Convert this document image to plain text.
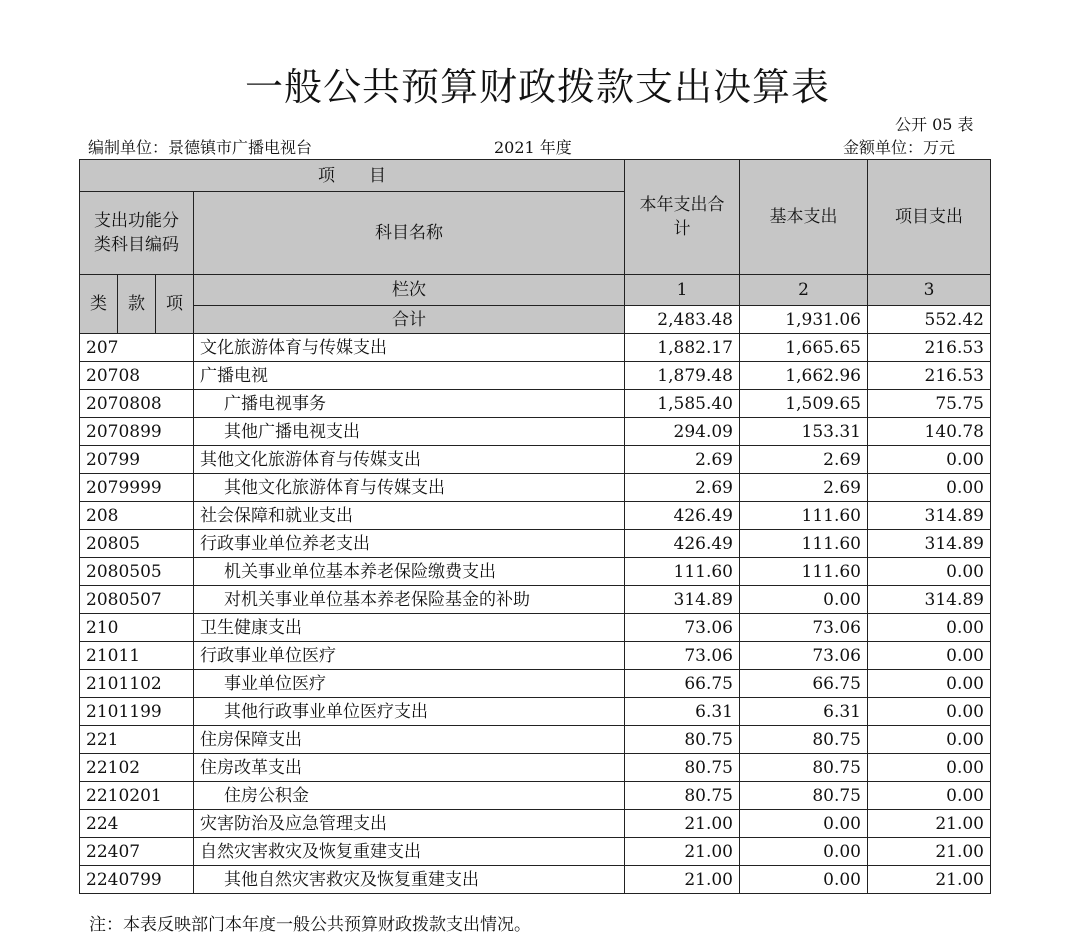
一般公共预算财政拨款支出决算表
公开 05 表
编制单位：景德镇市广播电视台	2021 年度	金额单位：万元
项　　目				本年支出合计	基本支出	项目支出
支出功能分类科目编码			科目名称			
类	款	项	栏次	1	2	3
			合计	2,483.48	1,931.06	552.42
207			文化旅游体育与传媒支出	1,882.17	1,665.65	216.53
20708			广播电视	1,879.48	1,662.96	216.53
2070808			广播电视事务	1,585.40	1,509.65	75.75
2070899			其他广播电视支出	294.09	153.31	140.78
20799			其他文化旅游体育与传媒支出	2.69	2.69	0.00
2079999			其他文化旅游体育与传媒支出	2.69	2.69	0.00
208			社会保障和就业支出	426.49	111.60	314.89
20805			行政事业单位养老支出	426.49	111.60	314.89
2080505			机关事业单位基本养老保险缴费支出	111.60	111.60	0.00
2080507			对机关事业单位基本养老保险基金的补助	314.89	0.00	314.89
210			卫生健康支出	73.06	73.06	0.00
21011			行政事业单位医疗	73.06	73.06	0.00
2101102			事业单位医疗	66.75	66.75	0.00
2101199			其他行政事业单位医疗支出	6.31	6.31	0.00
221			住房保障支出	80.75	80.75	0.00
22102			住房改革支出	80.75	80.75	0.00
2210201			住房公积金	80.75	80.75	0.00
224			灾害防治及应急管理支出	21.00	0.00	21.00
22407			自然灾害救灾及恢复重建支出	21.00	0.00	21.00
2240799			其他自然灾害救灾及恢复重建支出	21.00	0.00	21.00
注：本表反映部门本年度一般公共预算财政拨款支出情况。
